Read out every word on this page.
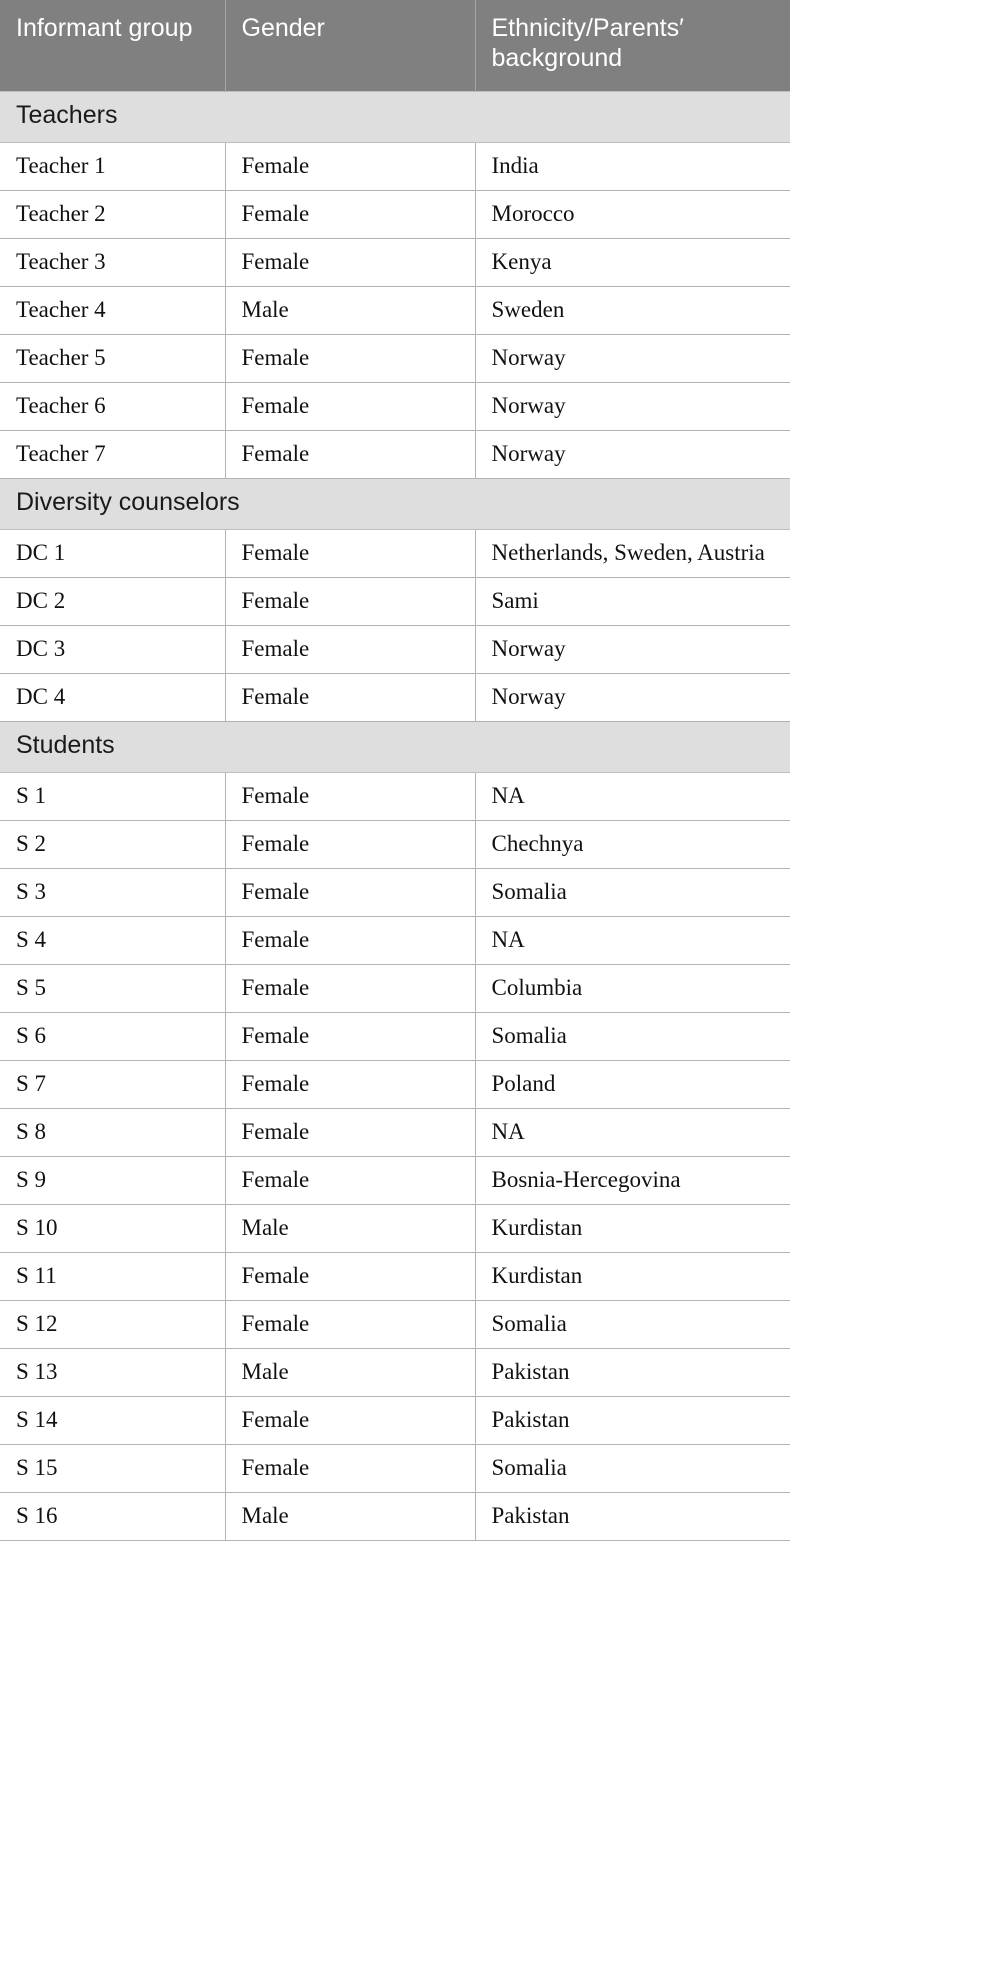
Informant group	Gender	Ethnicity/Parents′ background
Teachers		
Teacher 1	Female	India
Teacher 2	Female	Morocco
Teacher 3	Female	Kenya
Teacher 4	Male	Sweden
Teacher 5	Female	Norway
Teacher 6	Female	Norway
Teacher 7	Female	Norway
Diversity counselors		
DC 1	Female	Netherlands, Sweden, Austria
DC 2	Female	Sami
DC 3	Female	Norway
DC 4	Female	Norway
Students		
S 1	Female	NA
S 2	Female	Chechnya
S 3	Female	Somalia
S 4	Female	NA
S 5	Female	Columbia
S 6	Female	Somalia
S 7	Female	Poland
S 8	Female	NA
S 9	Female	Bosnia-Hercegovina
S 10	Male	Kurdistan
S 11	Female	Kurdistan
S 12	Female	Somalia
S 13	Male	Pakistan
S 14	Female	Pakistan
S 15	Female	Somalia
S 16	Male	Pakistan
